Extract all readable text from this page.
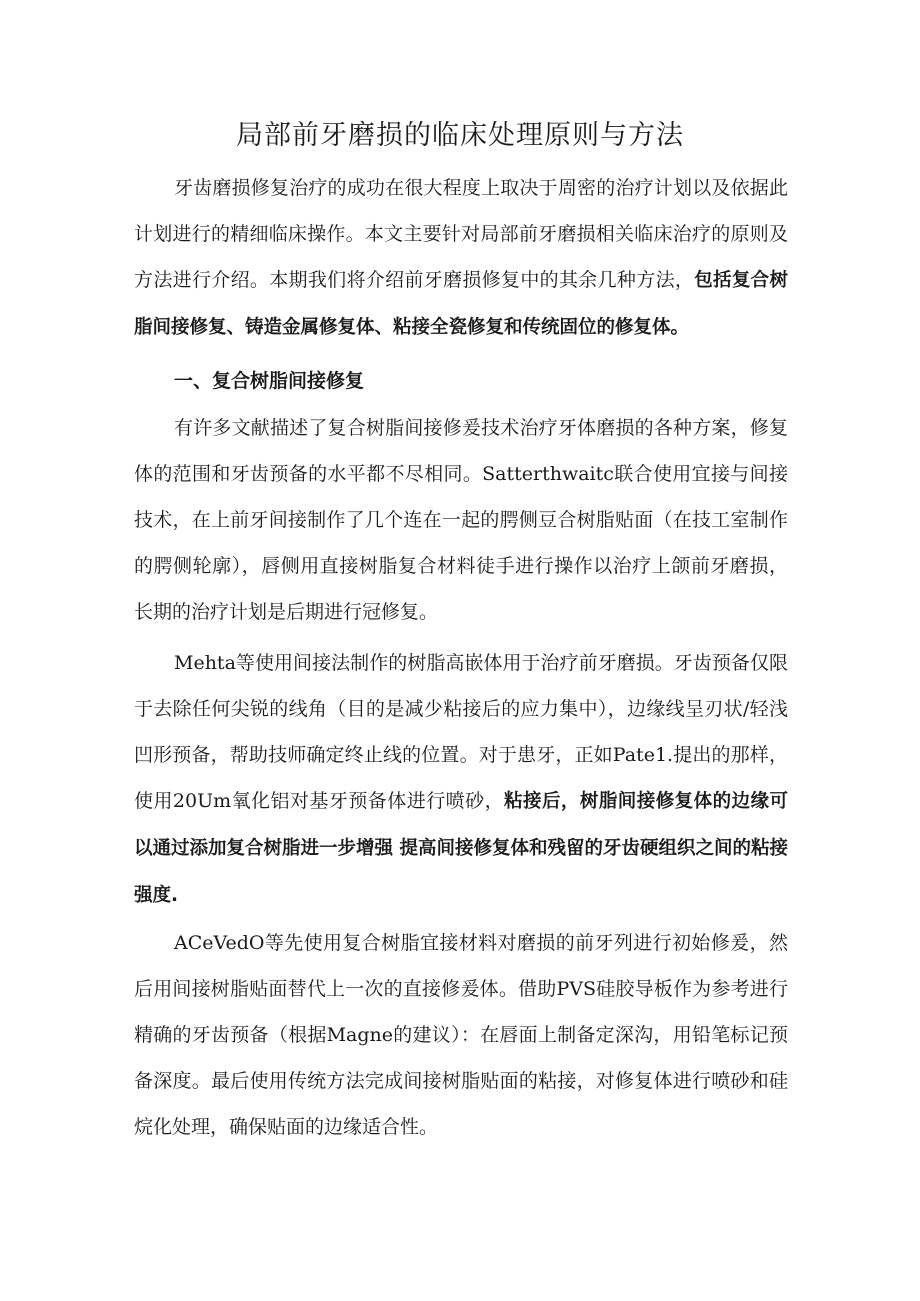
局部前牙磨损的临床处理原则与方法

牙齿磨损修复治疗的成功在很大程度上取决于周密的治疗计划以及依据此计划进行的精细临床操作。本文主要针对局部前牙磨损相关临床治疗的原则及方法进行介绍。本期我们将介绍前牙磨损修复中的其余几种方法，包括复合树脂间接修复、铸造金属修复体、粘接全瓷修复和传统固位的修复体。

一、复合树脂间接修复

有许多文献描述了复合树脂间接修爰技术治疗牙体磨损的各种方案，修复体的范围和牙齿预备的水平都不尽相同。Satterthwaitc联合使用宜接与间接技术，在上前牙间接制作了几个连在一起的腭侧豆合树脂贴面（在技工室制作的腭侧轮廓），唇侧用直接树脂复合材料徒手进行操作以治疗上颌前牙磨损，长期的治疗计划是后期进行冠修复。

Mehta等使用间接法制作的树脂高嵌体用于治疗前牙磨损。牙齿预备仅限于去除任何尖锐的线角（目的是减少粘接后的应力集中），边缘线呈刃状/轻浅凹形预备，帮助技师确定终止线的位置。对于患牙，正如Pate1.提出的那样，使用20Um氧化铝对基牙预备体进行喷砂，粘接后，树脂间接修复体的边缘可以通过添加复合树脂进一步增强 提高间接修复体和残留的牙齿硬组织之间的粘接强度.

ACeVedO等先使用复合树脂宜接材料对磨损的前牙列进行初始修爰，然后用间接树脂贴面替代上一次的直接修爰体。借助PVS硅胶导板作为参考进行精确的牙齿预备（根据Magne的建议）：在唇面上制备定深沟，用铅笔标记预备深度。最后使用传统方法完成间接树脂贴面的粘接，对修复体进行喷砂和硅烷化处理，确保贴面的边缘适合性。
